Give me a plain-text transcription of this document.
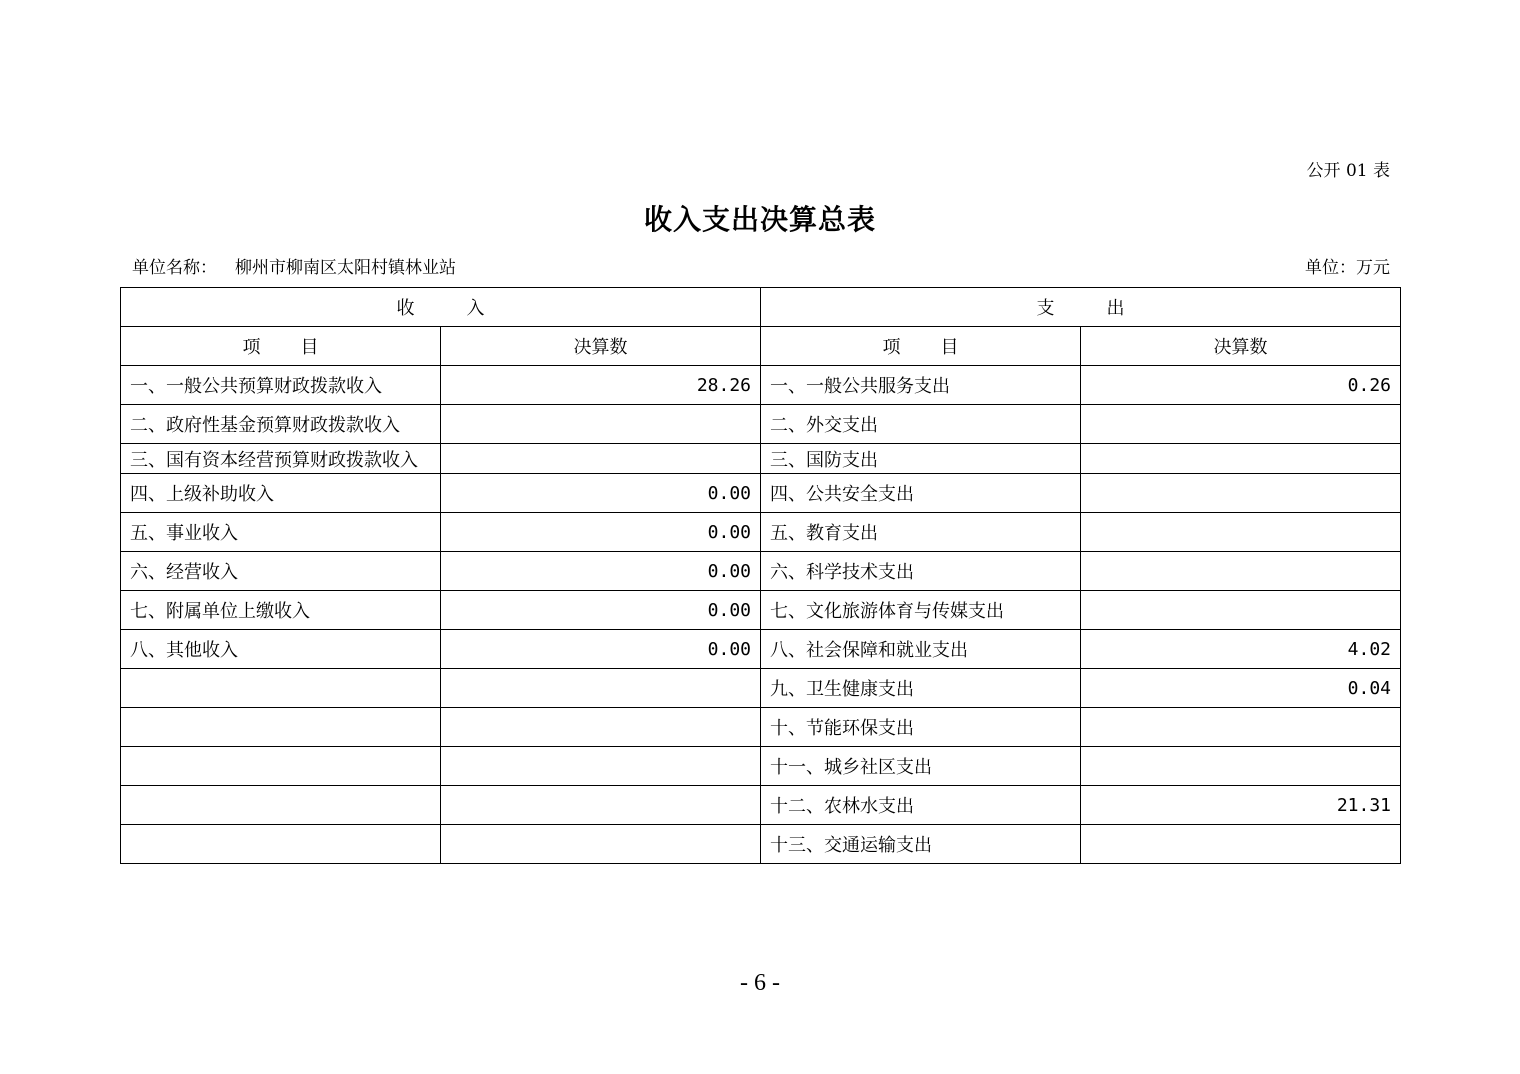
公开 01 表
收入支出决算总表
单位名称： 柳州市柳南区太阳村镇林业站	单位：万元
收 入		支 出	
项 目	决算数	项 目	决算数
一、一般公共预算财政拨款收入	28.26	一、一般公共服务支出	0.26
二、政府性基金预算财政拨款收入		二、外交支出	
三、国有资本经营预算财政拨款收入		三、国防支出	
四、上级补助收入	0.00	四、公共安全支出	
五、事业收入	0.00	五、教育支出	
六、经营收入	0.00	六、科学技术支出	
七、附属单位上缴收入	0.00	七、文化旅游体育与传媒支出	
八、其他收入	0.00	八、社会保障和就业支出	4.02
		九、卫生健康支出	0.04
		十、节能环保支出	
		十一、城乡社区支出	
		十二、农林水支出	21.31
		十三、交通运输支出	
- 6 -
